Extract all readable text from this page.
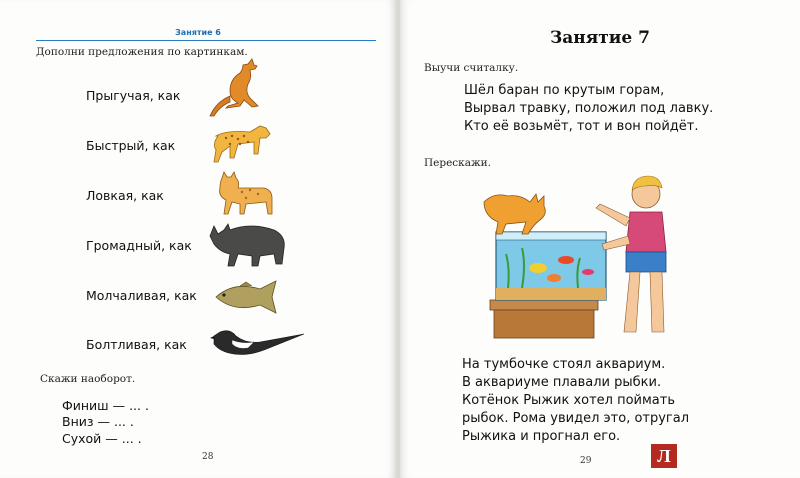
Занятие 6
Дополни предложения по картинкам.
Прыгучая, как
Быстрый, как
Ловкая, как
Громадный, как
Молчаливая, как
Болтливая, как
Скажи наоборот.
Финиш — ... .
Вниз — ... .
Сухой — ... .
28
Занятие 7
Выучи считалку.
Шёл баран по крутым горам,
Вырвал травку, положил под лавку.
Кто её возьмёт, тот и вон пойдёт.
Перескажи.
На тумбочке стоял аквариум.
В аквариуме плавали рыбки.
Котёнок Рыжик хотел поймать
рыбок. Рома увидел это, отругал
Рыжика и прогнал его.
29	Л
